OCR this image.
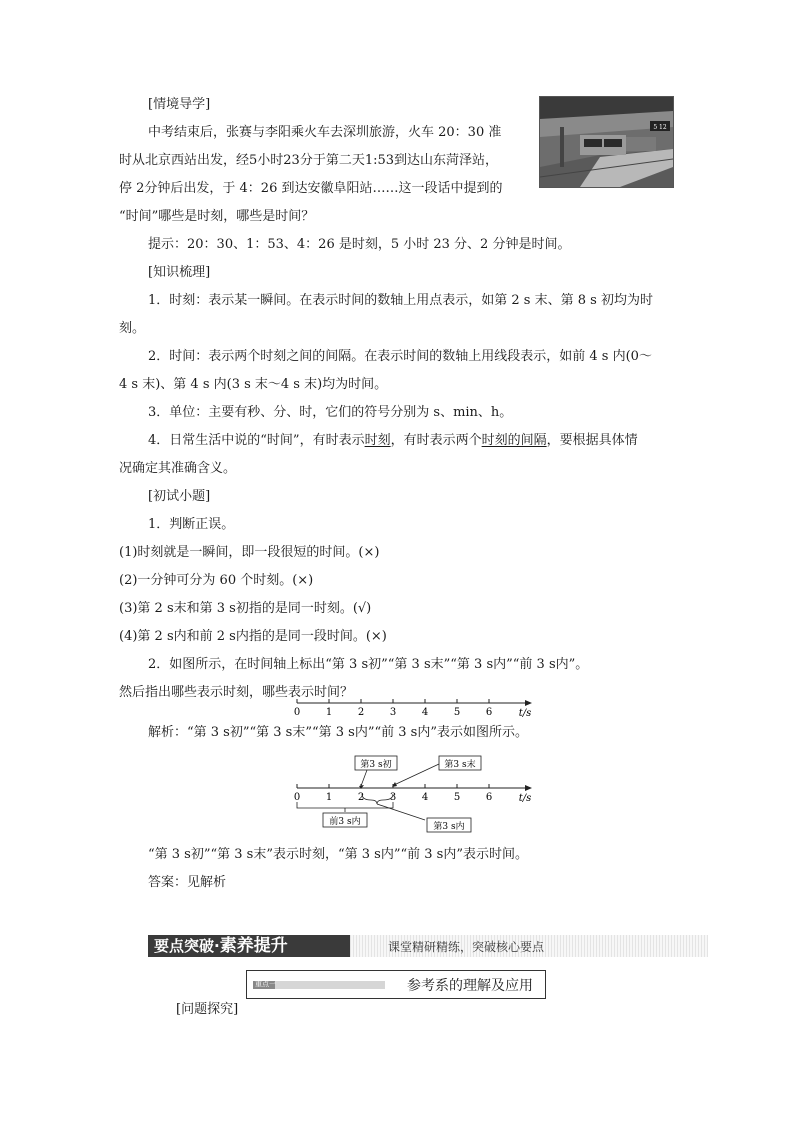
[情境导学]
中考结束后，张赛与李阳乘火车去深圳旅游，火车 20：30 准
时从北京西站出发，经5小时23分于第二天1:53到达山东菏泽站，
停 2分钟后出发，于 4：26 到达安徽阜阳站……这一段话中提到的
“时间”哪些是时刻，哪些是时间？
提示：20：30、1：53、4：26 是时刻，5 小时 23 分、2 分钟是时间。
5 12
[知识梳理]
1．时刻：表示某一瞬间。在表示时间的数轴上用点表示，如第 2 s 末、第 8 s 初均为时
刻。
2．时间：表示两个时刻之间的间隔。在表示时间的数轴上用线段表示，如前 4 s 内(0～
4 s 末)、第 4 s 内(3 s 末～4 s 末)均为时间。
3．单位：主要有秒、分、时，它们的符号分别为 s、min、h。
4．日常生活中说的“时间”，有时表示时刻，有时表示两个时刻的间隔，要根据具体情
况确定其准确含义。
[初试小题]
1．判断正误。
(1)时刻就是一瞬间，即一段很短的时间。(×)
(2)一分钟可分为 60 个时刻。(×)
(3)第 2 s末和第 3 s初指的是同一时刻。(√)
(4)第 2 s内和前 2 s内指的是同一段时间。(×)
2．如图所示，在时间轴上标出“第 3 s初”“第 3 s末”“第 3 s内”“前 3 s内”。
然后指出哪些表示时刻，哪些表示时间？
0	1	2	3	4	5	6	t/s
解析：“第 3 s初”“第 3 s末”“第 3 s内”“前 3 s内”表示如图所示。
0	1	2	3	4	5	6	t/s
第3 s初	第3 s末
前3 s内	第3 s内
“第 3 s初”“第 3 s末”表示时刻，“第 3 s内”“前 3 s内”表示时间。
答案：见解析
要点突破·素养提升	课堂精研精练，突破核心要点
重点一	参考系的理解及应用
[问题探究]
